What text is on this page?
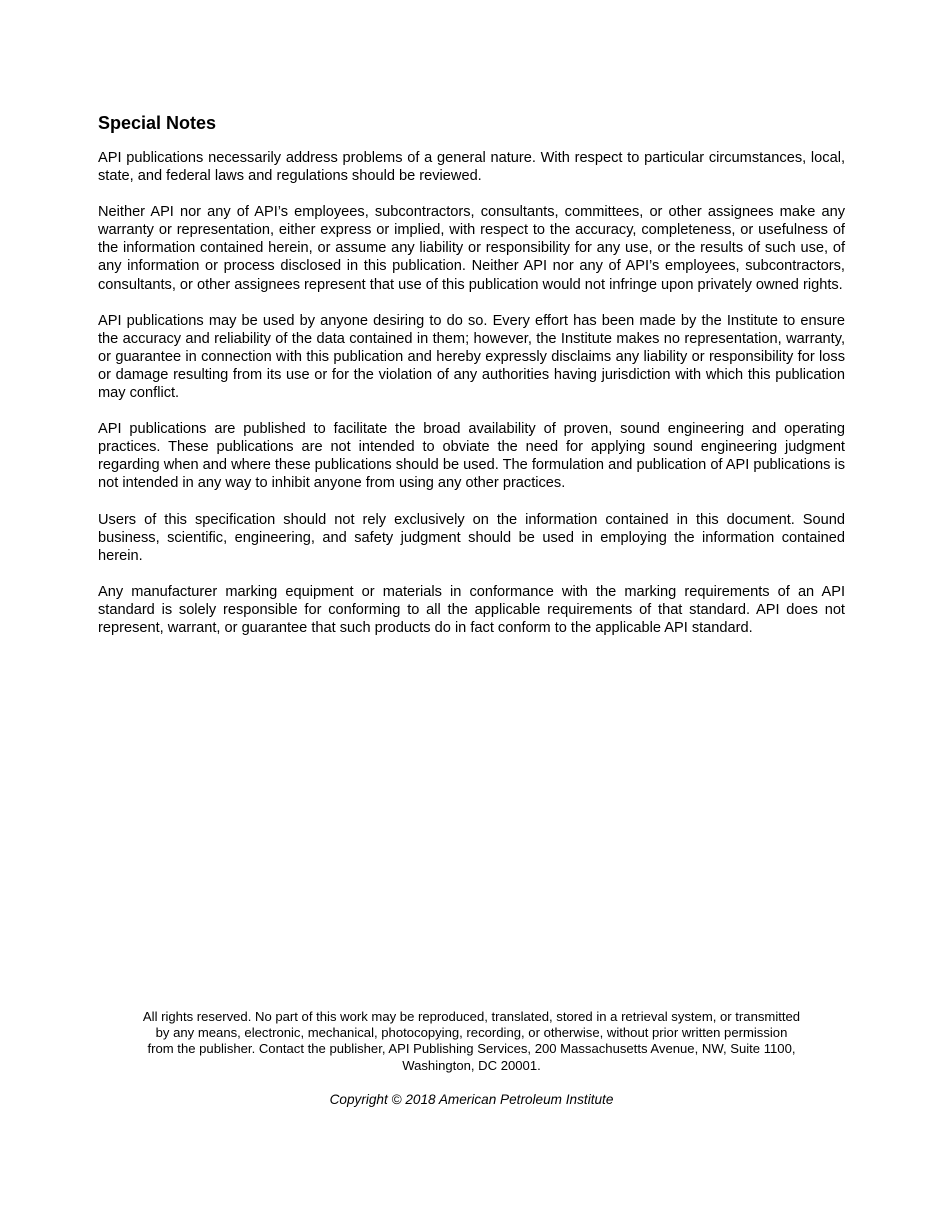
Special Notes

API publications necessarily address problems of a general nature. With respect to particular circumstances, local, state, and federal laws and regulations should be reviewed.

Neither API nor any of API’s employees, subcontractors, consultants, committees, or other assignees make any warranty or representation, either express or implied, with respect to the accuracy, completeness, or usefulness of the information contained herein, or assume any liability or responsibility for any use, or the results of such use, of any information or process disclosed in this publication. Neither API nor any of API’s employees, subcontractors, consultants, or other assignees represent that use of this publication would not infringe upon privately owned rights.

API publications may be used by anyone desiring to do so. Every effort has been made by the Institute to ensure the accuracy and reliability of the data contained in them; however, the Institute makes no representation, warranty, or guarantee in connection with this publication and hereby expressly disclaims any liability or responsibility for loss or damage resulting from its use or for the violation of any authorities having jurisdiction with which this publication may conflict.

API publications are published to facilitate the broad availability of proven, sound engineering and operating practices. These publications are not intended to obviate the need for applying sound engineering judgment regarding when and where these publications should be used. The formulation and publication of API publications is not intended in any way to inhibit anyone from using any other practices.

Users of this specification should not rely exclusively on the information contained in this document. Sound business, scientific, engineering, and safety judgment should be used in employing the information contained herein.

Any manufacturer marking equipment or materials in conformance with the marking requirements of an API standard is solely responsible for conforming to all the applicable requirements of that standard. API does not represent, warrant, or guarantee that such products do in fact conform to the applicable API standard.

All rights reserved. No part of this work may be reproduced, translated, stored in a retrieval system, or transmitted
by any means, electronic, mechanical, photocopying, recording, or otherwise, without prior written permission
from the publisher. Contact the publisher, API Publishing Services, 200 Massachusetts Avenue, NW, Suite 1100,
Washington, DC 20001.

Copyright © 2018 American Petroleum Institute
